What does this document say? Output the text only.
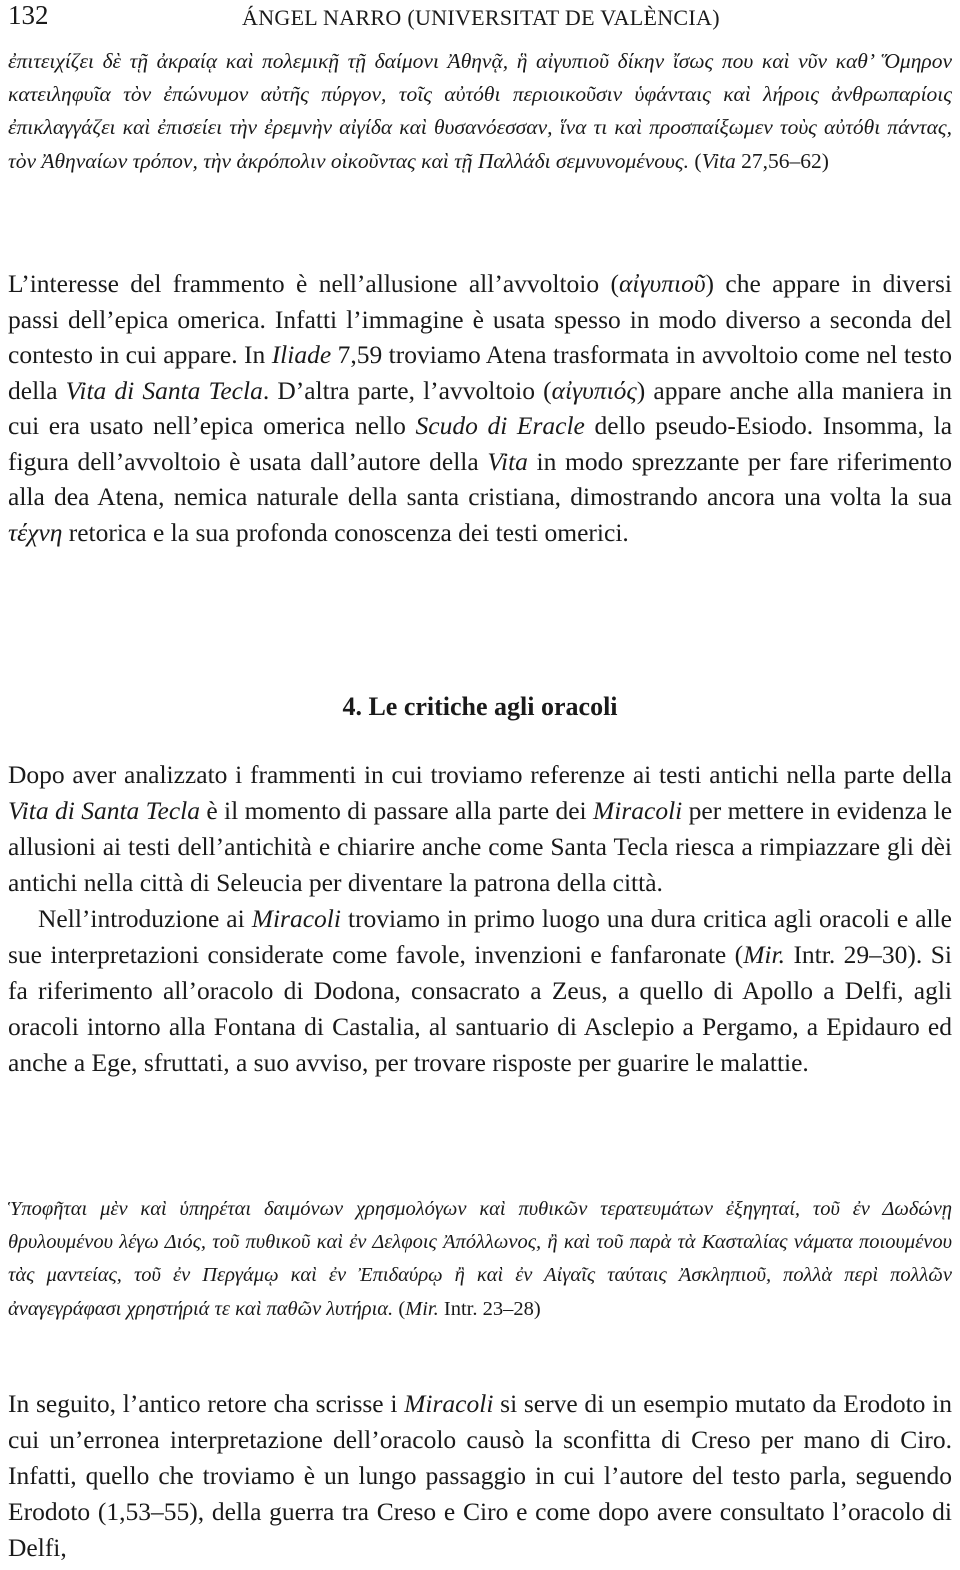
132	ÁNGEL NARRO (UNIVERSITAT DE VALÈNCIA)
ἐπιτειχίζει δὲ τῇ ἀκραίᾳ καὶ πολεμικῇ τῇ δαίμονι Ἀθηνᾷ, ἣ αἰγυπιοῦ δίκην ἴσως που καὶ νῦν καθ’ Ὅμηρον κατειληφυῖα τὸν ἐπώνυμον αὐτῆς πύργον, τοῖς αὐτόθι περιοικοῦσιν ὑφάνταις καὶ λήροις ἀνθρωπαρίοις ἐπικλαγγάζει καὶ ἐπισείει τὴν ἐρεμνὴν αἰγίδα καὶ θυσανόεσσαν, ἵνα τι καὶ προσπαίξωμεν τοὺς αὐτόθι πάντας, τὸν Ἀθηναίων τρόπον, τὴν ἀκρόπολιν οἰκοῦντας καὶ τῇ Παλλάδι σεμνυνομένους. (Vita 27,56–62)

L’interesse del frammento è nell’allusione all’avvoltoio (αἰγυπιοῦ) che appare in diversi passi dell’epica omerica. Infatti l’immagine è usata spesso in modo diverso a seconda del contesto in cui appare. In Iliade 7,59 troviamo Atena trasformata in avvoltoio come nel testo della Vita di Santa Tecla. D’altra parte, l’avvoltoio (αἰγυπιός) appare anche alla maniera in cui era usato nell’epica omerica nello Scudo di Eracle dello pseudo-Esiodo. Insomma, la figura dell’avvoltoio è usata dall’autore della Vita in modo sprezzante per fare riferimento alla dea Atena, nemica naturale della santa cristiana, dimostrando ancora una volta la sua τέχνη retorica e la sua profonda conoscenza dei testi omerici.

4. Le critiche agli oracoli

Dopo aver analizzato i frammenti in cui troviamo referenze ai testi antichi nella parte della Vita di Santa Tecla è il momento di passare alla parte dei Miracoli per mettere in evidenza le allusioni ai testi dell’antichità e chiarire anche come Santa Tecla riesca a rimpiazzare gli dèi antichi nella città di Seleucia per diventare la patrona della città.

Nell’introduzione ai Miracoli troviamo in primo luogo una dura critica agli oracoli e alle sue interpretazioni considerate come favole, invenzioni e fanfaronate (Mir. Intr. 29–30). Si fa riferimento all’oracolo di Dodona, consacrato a Zeus, a quello di Apollo a Delfi, agli oracoli intorno alla Fontana di Castalia, al santuario di Asclepio a Pergamo, a Epidauro ed anche a Ege, sfruttati, a suo avviso, per trovare risposte per guarire le malattie.

Ὑποφῆται μὲν καὶ ὑπηρέται δαιμόνων χρησμολόγων καὶ πυθικῶν τερατευμάτων ἐξηγηταί, τοῦ ἐν Δωδώνῃ θρυλουμένου λέγω Διός, τοῦ πυθικοῦ καὶ ἐν Δελφοις Ἀπόλλωνος, ἢ καὶ τοῦ παρὰ τὰ Κασταλίας νάματα ποιουμένου τὰς μαντείας, τοῦ ἐν Περγάμῳ καὶ ἐν Ἐπιδαύρῳ ἢ καὶ ἐν Αἰγαῖς ταύταις Ἀσκληπιοῦ, πολλὰ περὶ πολλῶν ἀναγεγράφασι χρηστήριά τε καὶ παθῶν λυτήρια. (Mir. Intr. 23–28)

In seguito, l’antico retore cha scrisse i Miracoli si serve di un esempio mutato da Erodoto in cui un’erronea interpretazione dell’oracolo causò la sconfitta di Creso per mano di Ciro. Infatti, quello che troviamo è un lungo passaggio in cui l’autore del testo parla, seguendo Erodoto (1,53–55), della guerra tra Creso e Ciro e come dopo avere consultato l’oracolo di Delfi,
